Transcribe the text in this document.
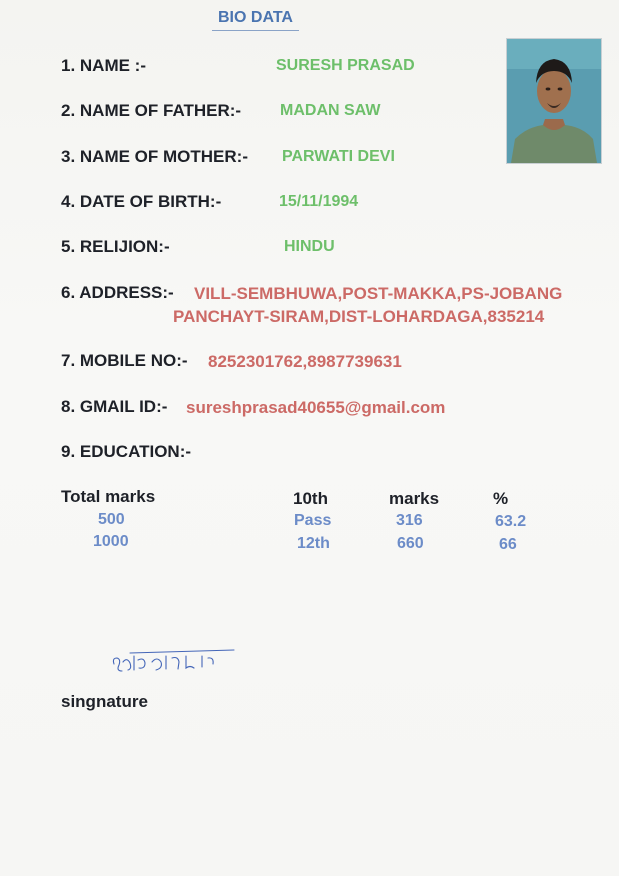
BIO DATA
1. NAME :-	SURESH PRASAD
2. NAME OF FATHER:- MADAN SAW
3. NAME OF MOTHER:- PARWATI DEVI
4. DATE OF BIRTH:-	15/11/1994
5. RELIJION:-	HINDU
6. ADDRESS:- VILL-SEMBHUWA,POST-MAKKA,PS-JOBANG
PANCHAYT-SIRAM,DIST-LOHARDAGA,835214
7. MOBILE NO:- 8252301762,8987739631
8. GMAIL ID:- sureshprasad40655@gmail.com
9. EDUCATION:-
Total marks	10th	marks	%
500	Pass	316	63.2
1000	12th	660	66
singnature
